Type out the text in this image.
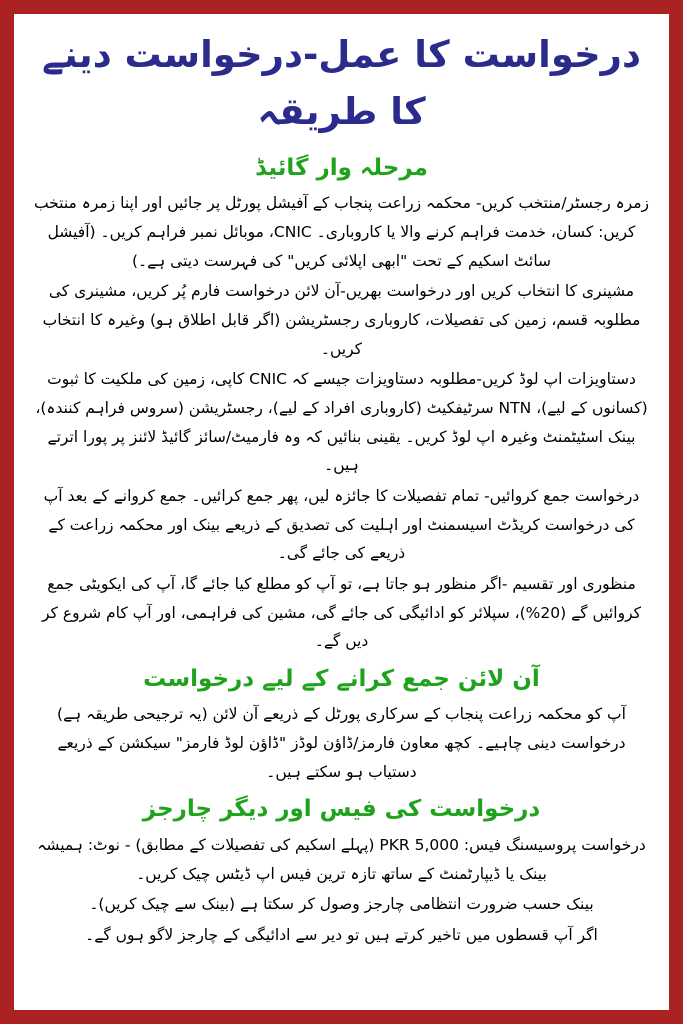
درخواست کا عمل-درخواست دینے کا طریقہ
مرحلہ وار گائیڈ

زمرہ رجسٹر/منتخب کریں- محکمہ زراعت پنجاب کے آفیشل پورٹل پر جائیں اور اپنا زمرہ منتخب کریں: کسان، خدمت فراہم کرنے والا یا کاروباری۔ CNIC، موبائل نمبر فراہم کریں۔ (آفیشل سائٹ اسکیم کے تحت "ابھی اپلائی کریں" کی فہرست دیتی ہے۔)

مشینری کا انتخاب کریں اور درخواست بھریں-آن لائن درخواست فارم پُر کریں، مشینری کی مطلوبہ قسم، زمین کی تفصیلات، کاروباری رجسٹریشن (اگر قابل اطلاق ہو) وغیرہ کا انتخاب کریں۔

دستاویزات اپ لوڈ کریں-مطلوبہ دستاویزات جیسے کہ CNIC کاپی، زمین کی ملکیت کا ثبوت (کسانوں کے لیے)، NTN سرٹیفکیٹ (کاروباری افراد کے لیے)، رجسٹریشن (سروس فراہم کنندہ)، بینک اسٹیٹمنٹ وغیرہ اپ لوڈ کریں۔ یقینی بنائیں کہ وہ فارمیٹ/سائز گائیڈ لائنز پر پورا اترتے ہیں۔

درخواست جمع کروائیں- تمام تفصیلات کا جائزہ لیں، پھر جمع کرائیں۔ جمع کروانے کے بعد آپ کی درخواست کریڈٹ اسیسمنٹ اور اہلیت کی تصدیق کے ذریعے بینک اور محکمہ زراعت کے ذریعے کی جائے گی۔

منظوری اور تقسیم -اگر منظور ہو جاتا ہے، تو آپ کو مطلع کیا جائے گا، آپ کی ایکویٹی جمع کروائیں گے (20%)، سپلائر کو ادائیگی کی جائے گی، مشین کی فراہمی، اور آپ کام شروع کر دیں گے۔

آن لائن جمع کرانے کے لیے درخواست

آپ کو محکمہ زراعت پنجاب کے سرکاری پورٹل کے ذریعے آن لائن (یہ ترجیحی طریقہ ہے) درخواست دینی چاہیے۔ کچھ معاون فارمز/ڈاؤن لوڈز "ڈاؤن لوڈ فارمز" سیکشن کے ذریعے دستیاب ہو سکتے ہیں۔

درخواست کی فیس اور دیگر چارجز

درخواست پروسیسنگ فیس: PKR 5,000 (پہلے اسکیم کی تفصیلات کے مطابق) - نوٹ: ہمیشہ بینک یا ڈیپارٹمنٹ کے ساتھ تازہ ترین فیس اپ ڈیٹس چیک کریں۔

بینک حسب ضرورت انتظامی چارجز وصول کر سکتا ہے (بینک سے چیک کریں)۔

اگر آپ قسطوں میں تاخیر کرتے ہیں تو دیر سے ادائیگی کے چارجز لاگو ہوں گے۔
